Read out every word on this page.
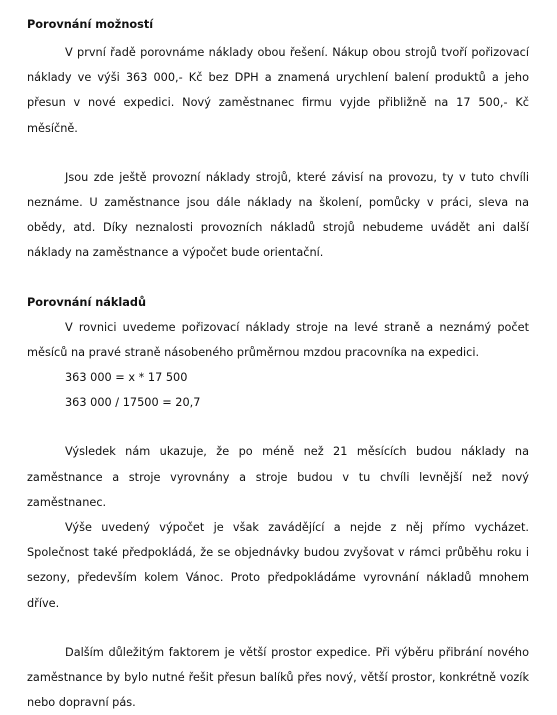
Porovnání možností

V první řadě porovnáme náklady obou řešení. Nákup obou strojů tvoří pořizovací náklady ve výši 363 000,- Kč bez DPH a znamená urychlení balení produktů a jeho přesun v nové expedici. Nový zaměstnanec firmu vyjde přibližně na 17 500,- Kč měsíčně.

Jsou zde ještě provozní náklady strojů, které závisí na provozu, ty v tuto chvíli neznáme. U zaměstnance jsou dále náklady na školení, pomůcky v práci, sleva na obědy, atd. Díky neznalosti provozních nákladů strojů nebudeme uvádět ani další náklady na zaměstnance a výpočet bude orientační.

Porovnání nákladů

V rovnici uvedeme pořizovací náklady stroje na levé straně a neznámý počet měsíců na pravé straně násobeného průměrnou mzdou pracovníka na expedici.

363 000 = x * 17 500

363 000 / 17500 = 20,7

Výsledek nám ukazuje, že po méně než 21 měsících budou náklady na zaměstnance a stroje vyrovnány a stroje budou v tu chvíli levnější než nový zaměstnanec.

Výše uvedený výpočet je však zavádějící a nejde z něj přímo vycházet. Společnost také předpokládá, že se objednávky budou zvyšovat v rámci průběhu roku i sezony, především kolem Vánoc. Proto předpokládáme vyrovnání nákladů mnohem dříve.

Dalším důležitým faktorem je větší prostor expedice. Při výběru přibrání nového zaměstnance by bylo nutné řešit přesun balíků přes nový, větší prostor, konkrétně vozík nebo dopravní pás.
